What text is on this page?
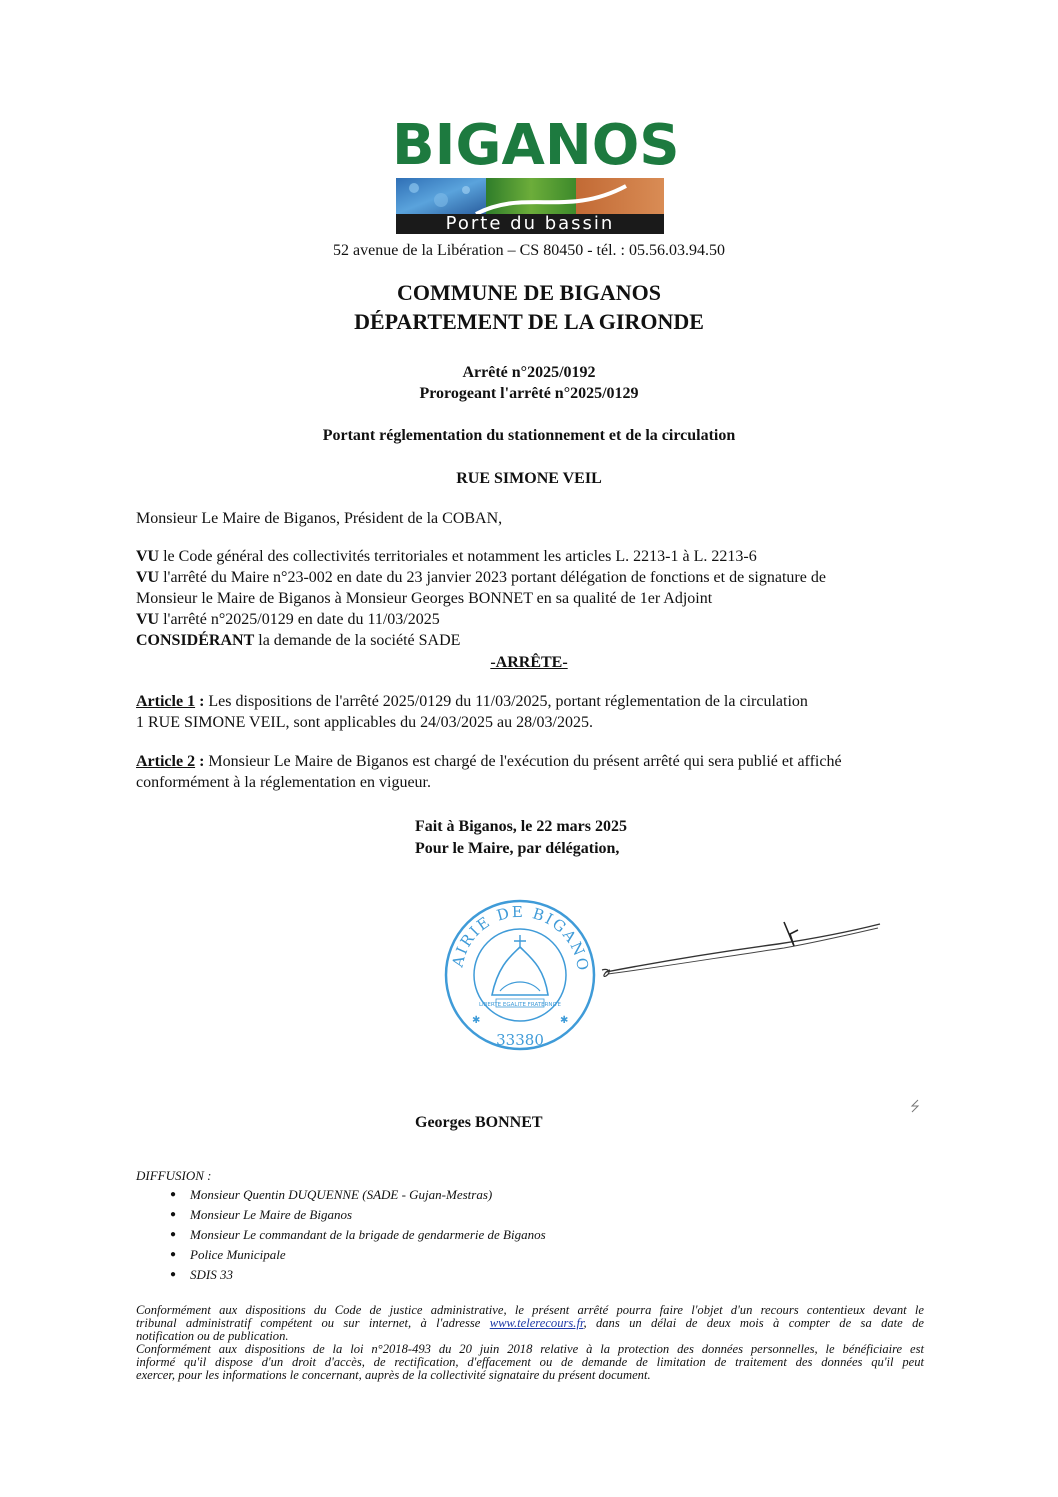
BIGANOS
Porte du bassin
52 avenue de la Libération – CS 80450 - tél. : 05.56.03.94.50
COMMUNE DE BIGANOS
DÉPARTEMENT DE LA GIRONDE
Arrêté n°2025/0192
Prorogeant l'arrêté n°2025/0129
Portant réglementation du stationnement et de la circulation
RUE SIMONE VEIL
Monsieur Le Maire de Biganos, Président de la COBAN,
VU le Code général des collectivités territoriales et notamment les articles L. 2213-1 à L. 2213-6
VU l'arrêté du Maire n°23-002 en date du 23 janvier 2023 portant délégation de fonctions et de signature de
Monsieur le Maire de Biganos à Monsieur Georges BONNET en sa qualité de 1er Adjoint
VU l'arrêté n°2025/0129 en date du 11/03/2025
CONSIDÉRANT la demande de la société SADE
-ARRÊTE-
Article 1 : Les dispositions de l'arrêté 2025/0129 du 11/03/2025, portant réglementation de la circulation
1 RUE SIMONE VEIL, sont applicables du 24/03/2025 au 28/03/2025.
Article 2 : Monsieur Le Maire de Biganos est chargé de l'exécution du présent arrêté qui sera publié et affiché
conformément à la réglementation en vigueur.
Fait à Biganos, le 22 mars 2025
Pour le Maire, par délégation,
AIRIE DE BIGANO
LIBERTE EGALITE FRATERNITE
✱	✱
33380
Georges BONNET
DIFFUSION :
● Monsieur Quentin DUQUENNE (SADE - Gujan-Mestras)
● Monsieur Le Maire de Biganos
● Monsieur Le commandant de la brigade de gendarmerie de Biganos
● Police Municipale
● SDIS 33
Conformément aux dispositions du Code de justice administrative, le présent arrêté pourra faire l'objet d'un recours contentieux devant le
tribunal administratif compétent ou sur internet, à l'adresse www.telerecours.fr, dans un délai de deux mois à compter de sa date de
notification ou de publication.
Conformément aux dispositions de la loi n°2018-493 du 20 juin 2018 relative à la protection des données personnelles, le bénéficiaire est
informé qu'il dispose d'un droit d'accès, de rectification, d'effacement ou de demande de limitation de traitement des données qu'il peut
exercer, pour les informations le concernant, auprès de la collectivité signataire du présent document.
